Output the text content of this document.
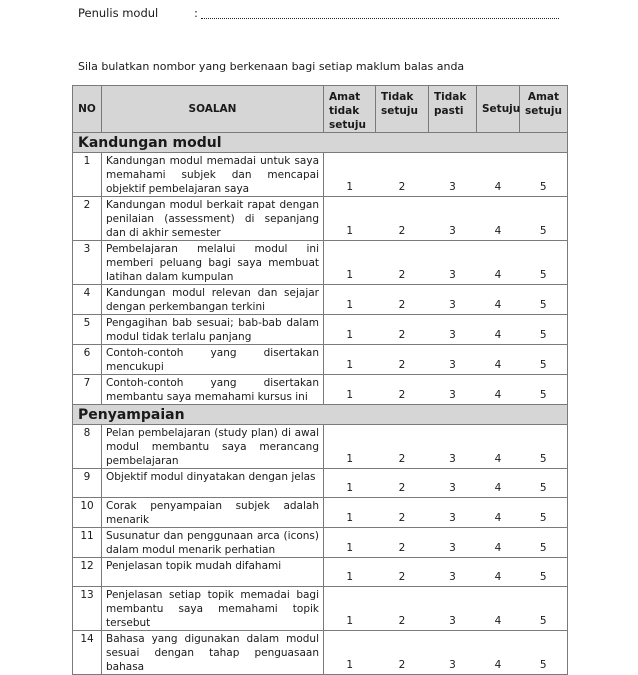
Penulis modul	:
Sila bulatkan nombor yang berkenaan bagi setiap maklum balas anda
NO	SOALAN	Amat tidak setuju	Tidak setuju	Tidak pasti	Setuju	Amat setuju
Kandungan modul						
1	Kandungan modul memadai untuk saya memahami subjek dan mencapai objektif pembelajaran saya	1	2	3	4	5
2	Kandungan modul berkait rapat dengan penilaian (assessment) di sepanjang dan di akhir semester	1	2	3	4	5
3	Pembelajaran melalui modul ini memberi peluang bagi saya membuat latihan dalam kumpulan	1	2	3	4	5
4	Kandungan modul relevan dan sejajar dengan perkembangan terkini	1	2	3	4	5
5	Pengagihan bab sesuai; bab-bab dalam modul tidak terlalu panjang	1	2	3	4	5
6	Contoh-contoh yang disertakan mencukupi	1	2	3	4	5
7	Contoh-contoh yang disertakan membantu saya memahami kursus ini	1	2	3	4	5
Penyampaian						
8	Pelan pembelajaran (study plan) di awal modul membantu saya merancang pembelajaran	1	2	3	4	5
9	Objektif modul dinyatakan dengan jelas	1	2	3	4	5
10	Corak penyampaian subjek adalah menarik	1	2	3	4	5
11	Susunatur dan penggunaan arca (icons) dalam modul menarik perhatian	1	2	3	4	5
12	Penjelasan topik mudah difahami	1	2	3	4	5
13	Penjelasan setiap topik memadai bagi membantu saya memahami topik tersebut	1	2	3	4	5
14	Bahasa yang digunakan dalam modul sesuai dengan tahap penguasaan bahasa	1	2	3	4	5
